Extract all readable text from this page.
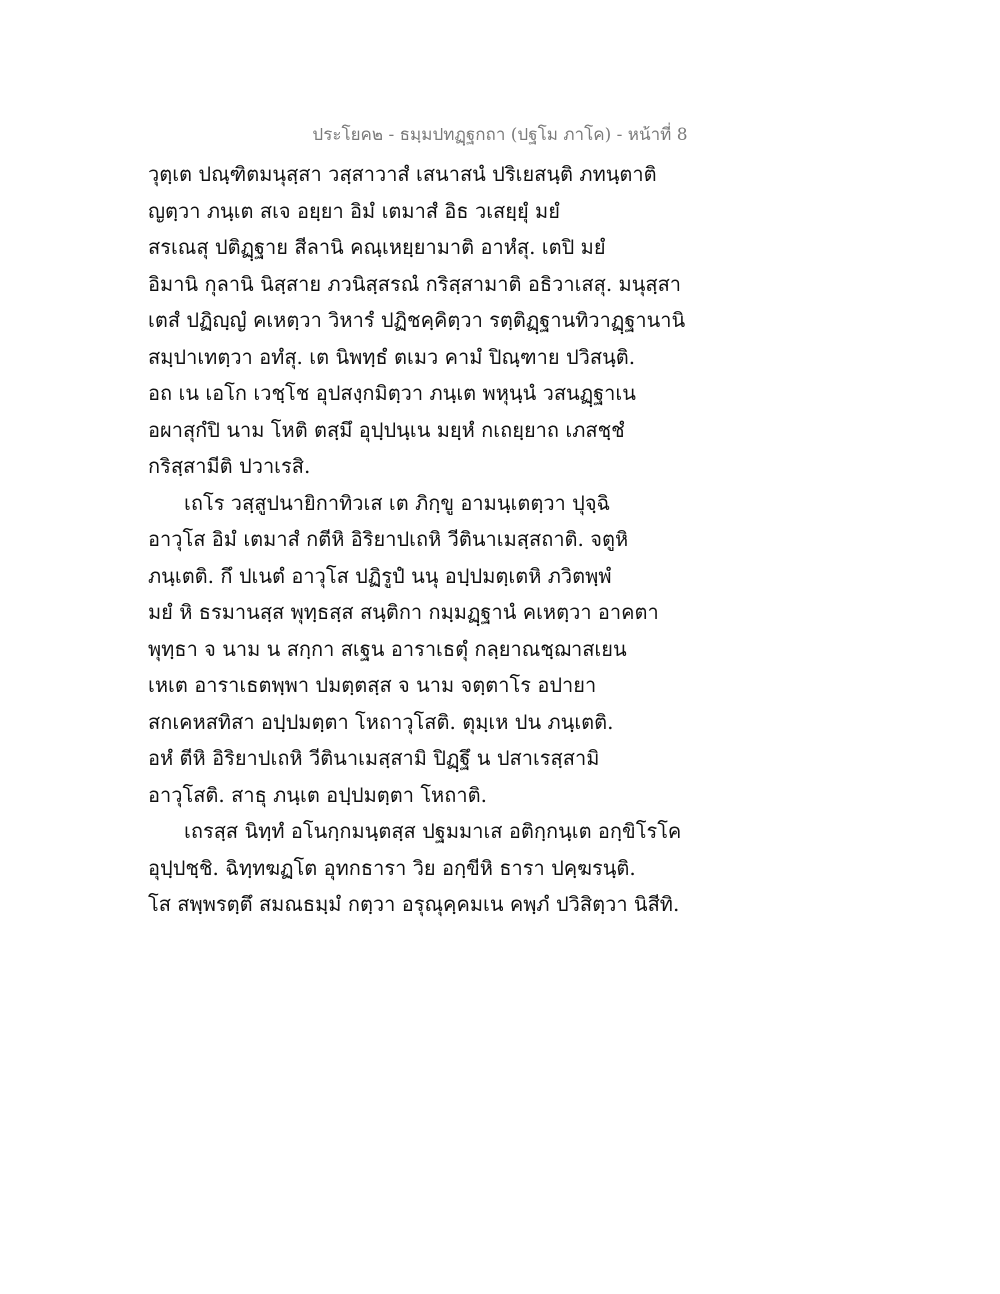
ประโยค๒ - ธมฺมปทฏฺฐกถา (ปฐโม ภาโค) - หน้าที่ 8
วุตฺเต ปณฺฑิตมนุสฺสา วสฺสาวาสํ เสนาสนํ ปริเยสนฺติ ภทนฺตาติ
ญตฺวา ภนฺเต สเจ อยฺยา อิมํ เตมาสํ อิธ วเสยฺยุํ มยํ
สรเณสุ ปติฏฺฐาย สีลานิ คณฺเหยฺยามาติ อาหํสุ. เตปิ มยํ
อิมานิ กุลานิ นิสฺสาย ภวนิสฺสรณํ กริสฺสามาติ อธิวาเสสุ. มนุสฺสา
เตสํ ปฏิญฺญํ คเหตฺวา วิหารํ ปฏิชคฺคิตฺวา รตฺติฏฺฐานทิวาฏฺฐานานิ
สมฺปาเทตฺวา อทํสุ. เต นิพทฺธํ ตเมว คามํ ปิณฺฑาย ปวิสนฺติ.
อถ เน เอโก เวชฺโช อุปสงฺกมิตฺวา ภนฺเต พหุนฺนํ วสนฏฺฐาเน
อผาสุกํปิ นาม โหติ ตสฺมึ อุปฺปนฺเน มยฺหํ กเถยฺยาถ เภสชฺชํ
กริสฺสามีติ ปวาเรสิ.
เถโร วสฺสูปนายิกาทิวเส เต ภิกฺขู อามนฺเตตฺวา ปุจฺฉิ
อาวุโส อิมํ เตมาสํ กตีหิ อิริยาปเถหิ วีตินาเมสฺสถาติ. จตูหิ
ภนฺเตติ. กึ ปเนตํ อาวุโส ปฏิรูปํ นนุ อปฺปมตฺเตหิ ภวิตพฺพํ
มยํ หิ ธรมานสฺส พุทฺธสฺส สนฺติกา กมฺมฏฺฐานํ คเหตฺวา อาคตา
พุทฺธา จ นาม น สกฺกา สเฐน อาราเธตุํ กลฺยาณชฺฌาสเยน
เหเต อาราเธตพฺพา ปมตฺตสฺส จ นาม จตฺตาโร อปายา
สกเคหสทิสา อปฺปมตฺตา โหถาวุโสติ. ตุมฺเห ปน ภนฺเตติ.
อหํ ตีหิ อิริยาปเถหิ วีตินาเมสฺสามิ ปิฏฺฐึ น ปสาเรสฺสามิ
อาวุโสติ. สาธุ ภนฺเต อปฺปมตฺตา โหถาติ.
เถรสฺส นิทฺทํ อโนกฺกมนฺตสฺส ปฐมมาเส อติกฺกนฺเต อกฺขิโรโค
อุปฺปชฺชิ. ฉิทฺทฆฏโต อุทกธารา วิย อกฺขีหิ ธารา ปคฺฆรนฺติ.
โส สพฺพรตฺตึ สมณธมฺมํ กตฺวา อรุณุคฺคมเน คพฺภํ ปวิสิตฺวา นิสีทิ.
